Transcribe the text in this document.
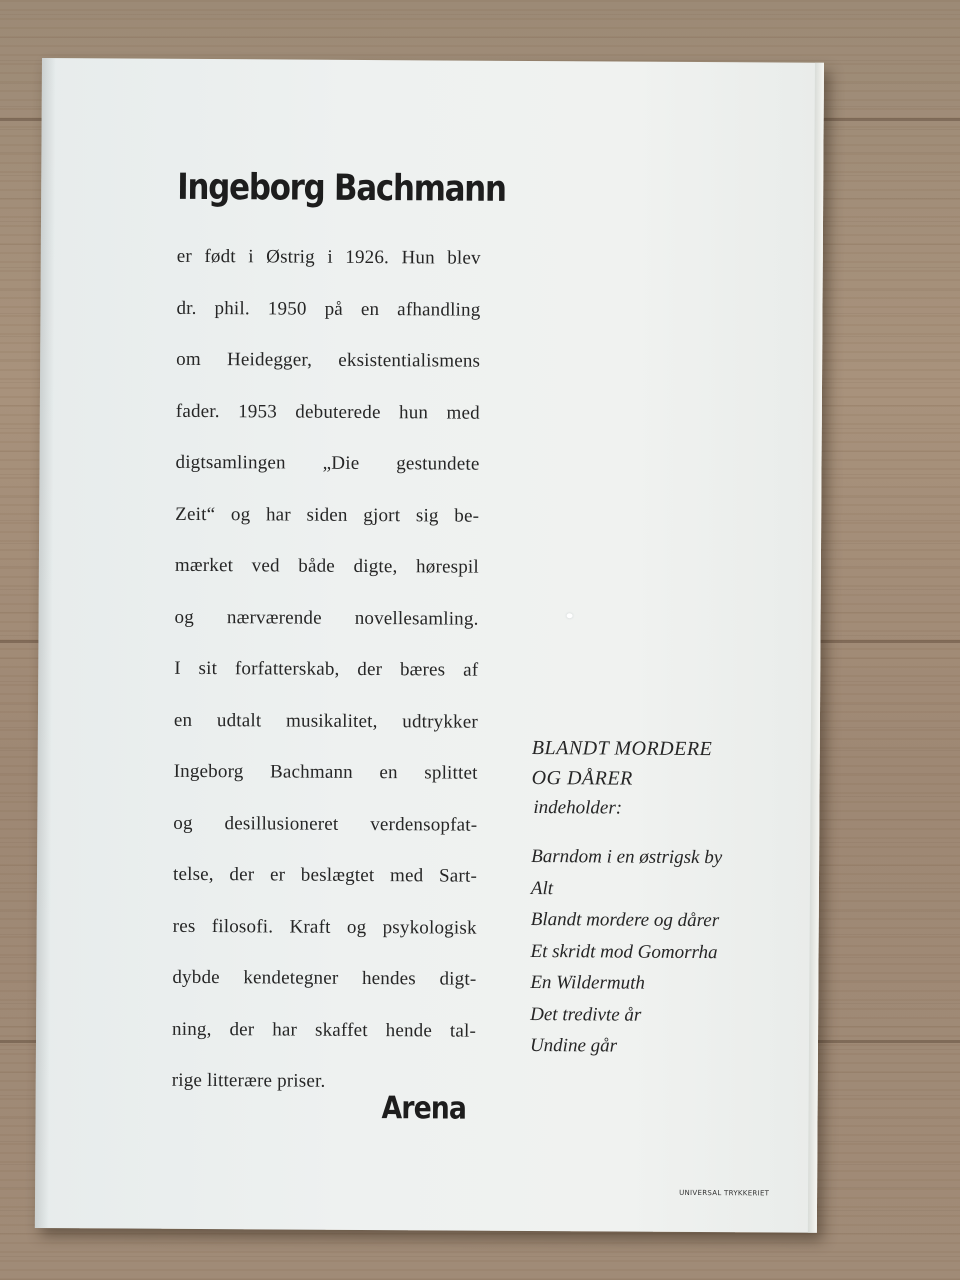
Ingeborg Bachmann
er født i Østrig i 1926. Hun blev
dr. phil. 1950 på en afhandling
om Heidegger, eksistentialismens
fader. 1953 debuterede hun med
digtsamlingen „Die gestundete
Zeit“ og har siden gjort sig be-
mærket ved både digte, hørespil
og nærværende novellesamling.
I sit forfatterskab, der bæres af
en udtalt musikalitet, udtrykker
Ingeborg Bachmann en splittet
og desillusioneret verdensopfat-
telse, der er beslægtet med Sart-
res filosofi. Kraft og psykologisk
dybde kendetegner hendes digt-
ning, der har skaffet hende tal-
rige litterære priser.
Arena
BLANDT MORDERE
OG DÅRER
indeholder:
Barndom i en østrigsk by
Alt
Blandt mordere og dårer
Et skridt mod Gomorrha
En Wildermuth
Det tredivte år
Undine går
UNIVERSAL TRYKKERIET
